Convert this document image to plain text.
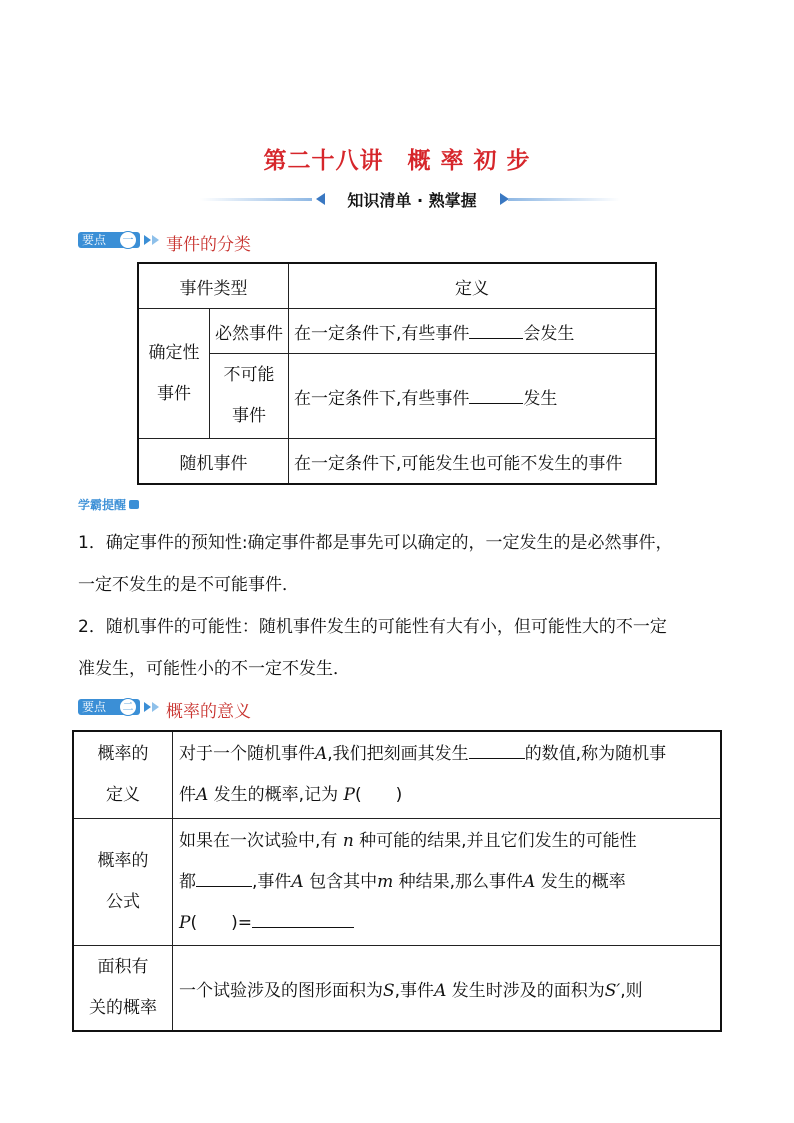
第二十八讲　概 率 初 步
知识清单 · 熟掌握
要点	一 事件的分类
事件类型		定义
确定性
事件	必然事件	在一定条件下,有些事件 会发生
	不可能
事件	在一定条件下,有些事件 发生
随机事件		在一定条件下,可能发生也可能不发生的事件
学霸提醒
1．确定事件的预知性:确定事件都是事先可以确定的，一定发生的是必然事件，
一定不发生的是不可能事件．
2．随机事件的可能性：随机事件发生的可能性有大有小，但可能性大的不一定
准发生，可能性小的不一定不发生．
要点	二 概率的意义
概率的
定义	对于一个随机事件A,我们把刻画其发生 的数值,称为随机事
件A 发生的概率,记为 P(　　)
概率的
公式	如果在一次试验中,有 n 种可能的结果,并且它们发生的可能性
都 ,事件A 包含其中m 种结果,那么事件A 发生的概率
P(　　)=
面积有
关的概率	一个试验涉及的图形面积为S,事件A 发生时涉及的面积为S′,则
